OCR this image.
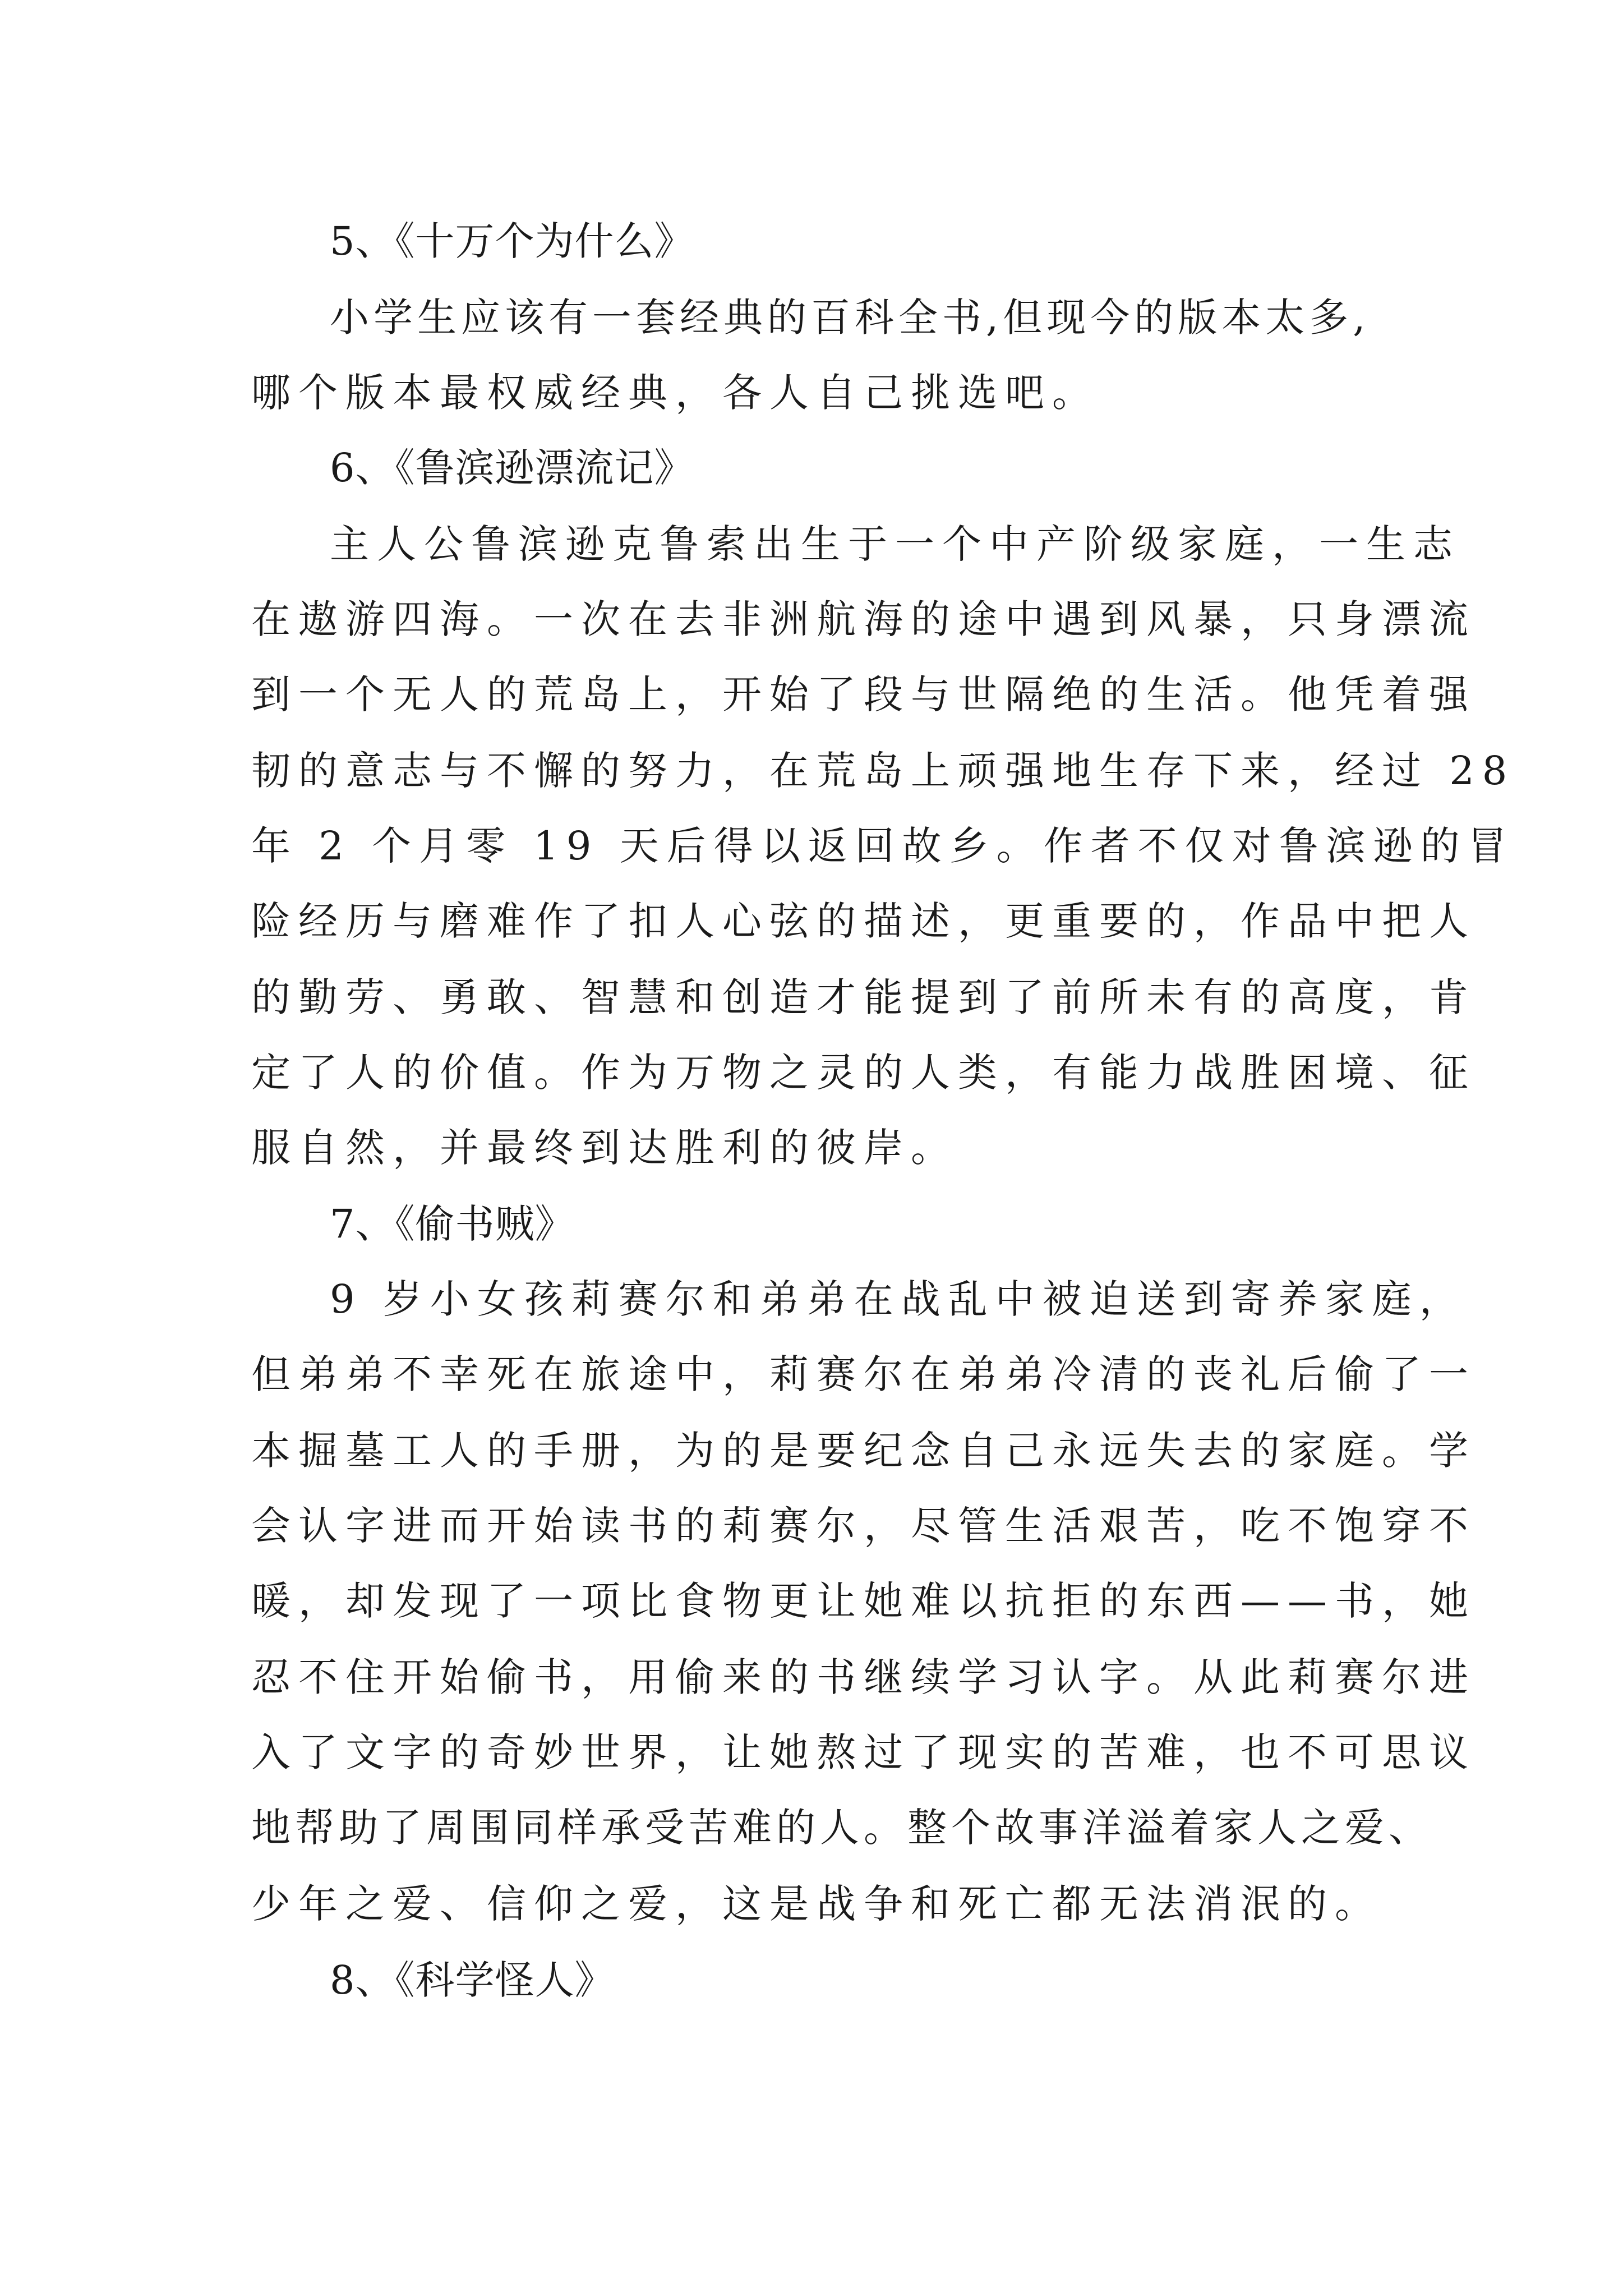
5、《十万个为什么》
小学生应该有一套经典的百科全书,但现今的版本太多,
哪个版本最权威经典，各人自己挑选吧。
6、《鲁滨逊漂流记》
主人公鲁滨逊克鲁索出生于一个中产阶级家庭，一生志
在遨游四海。一次在去非洲航海的途中遇到风暴，只身漂流
到一个无人的荒岛上，开始了段与世隔绝的生活。他凭着强
韧的意志与不懈的努力，在荒岛上顽强地生存下来，经过 28
年 2 个月零 19 天后得以返回故乡。作者不仅对鲁滨逊的冒
险经历与磨难作了扣人心弦的描述，更重要的，作品中把人
的勤劳、勇敢、智慧和创造才能提到了前所未有的高度，肯
定了人的价值。作为万物之灵的人类，有能力战胜困境、征
服自然，并最终到达胜利的彼岸。
7、《偷书贼》
9 岁小女孩莉赛尔和弟弟在战乱中被迫送到寄养家庭，
但弟弟不幸死在旅途中，莉赛尔在弟弟冷清的丧礼后偷了一
本掘墓工人的手册，为的是要纪念自己永远失去的家庭。学
会认字进而开始读书的莉赛尔，尽管生活艰苦，吃不饱穿不
暖，却发现了一项比食物更让她难以抗拒的东西——书，她
忍不住开始偷书，用偷来的书继续学习认字。从此莉赛尔进
入了文字的奇妙世界，让她熬过了现实的苦难，也不可思议
地帮助了周围同样承受苦难的人。整个故事洋溢着家人之爱、
少年之爱、信仰之爱，这是战争和死亡都无法消泯的。
8、《科学怪人》
